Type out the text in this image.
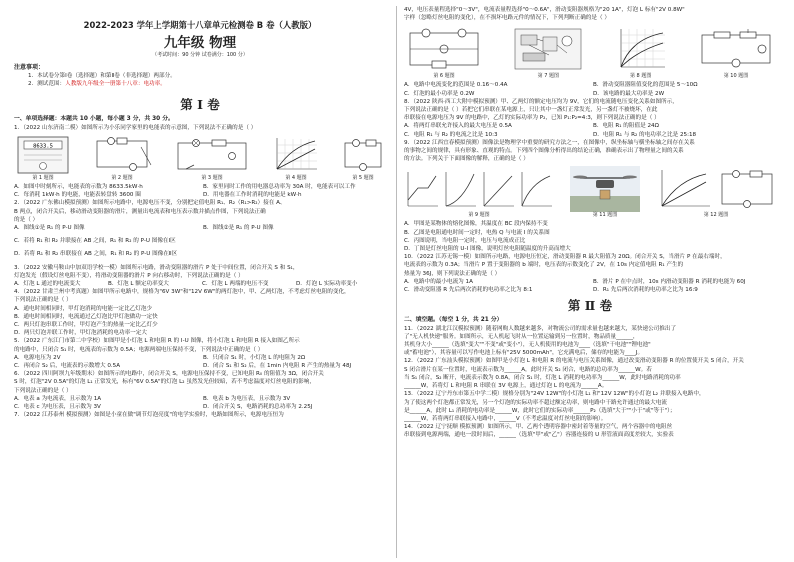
2022-2023 学年上学期第十八章单元检测卷 B 卷（人教版）
九年级 物理
（考试时间：90 分钟 试卷满分：100 分）
注意事项：
1．本试卷分第Ⅰ卷（选择题）和第Ⅱ卷（非选择题）两部分。
2．测试范围：人教版九年级全一册第十八章：电功率。
第 Ⅰ 卷
一、单项选择题：本题共 10 小题，每小题 3 分，共 30 分。
1．（2022 山东济南二模）如图所示为小乐同学家里的电能表的示意图，下列说法不正确的是（ ）
8633.5
第 1 题图	第 2 题图	第 3 题图	第 4 题图	第 5 题图
A．如图中时刻所示，电能表的示数为 8633.5kW·h	B．家里同时工作的用电器总功率为 30A 时，电能表可以工作
C．每消耗 1kW·h 的电能，电能表转盘转 3600 圈	D．用电器在工作时消耗的电能是 kW·h
2．（2022 广东佛山模拟预测）如图所示电路中，电源电压不变，分别把定值电阻 R₁、R₂（R₁>R₂）接在 A、
B 两点，闭合开关后，移动滑动变阻器的滑片，测量出电流表和电压表示数并描点作图，下列说法正确
的是（ ）
A．图线①是 R₁ 的 P-U 图像	B．图线②是 R₁ 的 P-U 图像
C．若将 R₁ 和 R₂ 并联接在 AB 之间，R₁ 和 R₂ 的 P-U 图像在Ⅰ区
D．若将 R₁ 和 R₂ 串联接在 AB 之间，R₁ 和 R₂ 的 P-U 图像在Ⅱ区
3．（2022 安徽马鞍山中加双语学校一模）如图所示电路，滑动变阻器的滑片 P 处于中间位置，闭合开关 S 和 S₁，
灯泡发光（假设灯丝电阻不变），将滑动变阻器的滑片 P 向右移动时，下列说法正确的是（ ）
A．灯泡 L 通过的电流变大	B．灯泡 L 额定功率变大	C．灯泡 L 两端的电压不变	D．灯泡 L 实际功率变小
4．（2022 甘肃兰州中考真题）如图甲所示电路中，规格为"6V 3W"和"12V 6W"的两灯泡中，甲、乙两灯泡，不考虑灯丝电阻的变化，
下列说法正确的是（ ）
A．通电时间相同时，甲灯泡消耗的电能一定比乙灯泡少
B．通电时间相同时，电流通过乙灯泡比甲灯泡做功一定快
C．两只灯泡串联工作时，甲灯泡产生的热量一定比乙灯少
D．两只灯泡并联工作时，甲灯泡消耗的电功率一定大
5．（2022 广东江门市第二中学校）如图甲是小灯泡 L 和电阻 R 的 I-U 图像，将小灯泡 L 和电阻 R 接入如图乙所示
的电路中，只闭合 S₁ 时，电流表的示数为 0.5A；电源两端电压保持不变，下列说法中正确的是（ ）
A．电源电压为 2V	B．只闭合 S₁ 时，小灯泡 L 的电阻为 2Ω
C．再闭合 S₂ 后，电流表的示数增大 0.5A	D．闭合 S₁ 和 S₂ 后，在 1min 内电阻 R 产生的热量为 48J
6．（2022 四川阿坝九年级期末）如图所示的电路中，闭合开关 S，电源电压保持不变，已知电阻 R₀ 的阻值为 3Ω，闭合开关
S 时，灯泡"2V 0.5A"的灯泡 L₁ 正常发光，标有"6V 0.5A"的灯泡 L₂ 虽然发光但较暗，若不考虑温度对灯丝电阻的影响，
下列说法正确的是（ ）
A．电表 a 为电流表，且示数为 1A	B．电表 b 为电压表，且示数为 3V
C．电表 c 为电压表，且示数为 3V	D．闭合开关 S，电路消耗的总功率为 2.25J
7．（2022 江苏泰州 模拟预测）如图是小童在做"调节灯泡亮度"的电学实验时，电路如图所示，电源电压恒为
4V，电压表量程选择"0～3V"，电流表量程选择"0～0.6A"，滑动变阻器规格为"20 1A"，灯泡 L 标有"2V 0.8W"
字样（忽略灯丝电阻的变化），在不损坏电路元件的情况下，下列判断正确的是（ ）
第 6 题图	第 7 题图	第 8 题图	第 10 题图
A．电路中电流变化的范围是 0.16～0.4A	B．滑动变阻器阻值变化的范围是 5～10Ω
C．灯泡的最小功率是 0.2W	D．该电路的最大功率是 2W
8．（2022 陕西·西工大附中模拟预测）甲、乙两灯的额定电压均为 9V，它们的电流随电压变化关系如图所示，
下列说法正确的是（ ）若把它们串联在某电源上，只让其中一盏灯正常发光，另一盏灯不被烧坏，在此
串联接在电源电压为 9V 的电路中，乙灯的实际功率为 P₂，已知 P₁:P₂=4:3，则下列说法正确的是（ ）
A．将两灯串联允许接入的最大电压是 0.5A	B．电阻 R₁ 的阻值是 24Ω
C．电阻 R₁ 与 R₂ 的电流之比是 10:3	D．电阻 R₁ 与 R₂ 的电功率之比是 25:18
9．（2022 江西宜春模拟预测）图像法是物理学中重要的研究方法之一，在图像中，纵坐标轴与横坐标轴之间存在关系
的事物之间的规律，具有形象、直观的特点。下列四个图像分析得出的结论正确，准确表示出了物理量之间的关系
的方法。下列关于下面图像的解释，正确的是（ ）
第 9 题图	第 11 题图	第 12 题图
A．甲图是某物体的熔化图像，其温度在 BC 段内保持不变
B．乙图是电阻通电时间一定时，电热 Q 与电流 I 的关系图
C．丙图说明，当电阻一定时，电压与电流成正比
D．丁图是灯丝电阻的 U-I 图像，说明灯丝电阻随温度的升高而增大
10．（2022 江苏无锡一模）如图所示电路，电源电压恒定，滑动变阻器 R 最大阻值为 20Ω。闭合开关 S，当滑片 P 在最右端时，
电流表的示数为 0.3A；当滑片 P 置于变阻器的 b 端时，电压表的示数变化了 2V，在 10s 内定值电阻 R₁ 产生的
热量为 36J，则下列说法正确的是（ ）
A．电路中的最小电流为 1A	B．滑片 P 在中点时，10s 内滑动变阻器 R 消耗的电能为 60J
C．滑动变阻器 R 先后两次消耗的电功率之比为 8:1	D．R₁ 先后两次消耗的电功率之比为 16:9
第 Ⅱ 卷
二、填空题。（每空 1 分，共 21 分）
11．（2022 湖北江汉模拟预测）随着网购人数越来越多，对物流公司的需求量也越来越大，某快递公司推出了
了"无人机快递"服务。如图所示，无人机起飞时从一位置运输到另一位置时，物品质量______，
其机身大小______（选填"变大""不变"或"变小"），无人机使用的电池为____（选填"干电池""锂电池"
或"蓄电池"），其容量可以写作电池上标有"25V 5000mAh"，它充满电后，储存的电能为____J。
12．（2022 广东汕头模拟预测）如图甲是小灯泡 L 和电阻 R 的电流与电压关系图像，通过改变滑动变阻器 R 的位置使开关 S 闭合，开关
S 闭合滑片在某一位置时，电流表示数为______A，此时开关 S₂ 闭合，电路的总功率为______W。若
当 S₁ 闭合，S₂ 断开，电流表示数为 0.8A，闭合 S₁ 时，灯泡 L 消耗的电功率为______W，此时电路消耗的功率
______W，若将灯 L 和电阻 R 串联在 3V 电源上，通过灯泡 L 的电流为______A。
13．（2022 辽宁丹东市第五中学二模）规格分别为"24V 12W"的小灯泡 L₁ 和"12V 12W"的小灯泡 L₂ 并联接入电路中，
为了使这两个灯泡都正常发光，另一个灯泡的实际功率不超过额定功率，则电路中干路允许通过的最大电流
是______A，此时 L₁ 消耗的电功率是______W，此时它们的实际功率______P₂（选填"大于""小于"或"等于"）；
______W，若将两灯串联接入电路中，______V（不考虑温度对灯丝电阻的影响）。
14．（2022 辽宁抚顺 模拟预测）如图所示，甲、乙两个透明容器中密封着等量的空气，两个容器中的电阻丝
串联接到电源两端，通电一段时间后，______（选填"甲"或"乙"）容器连接的 U 形管液面高度差较大，实验表
